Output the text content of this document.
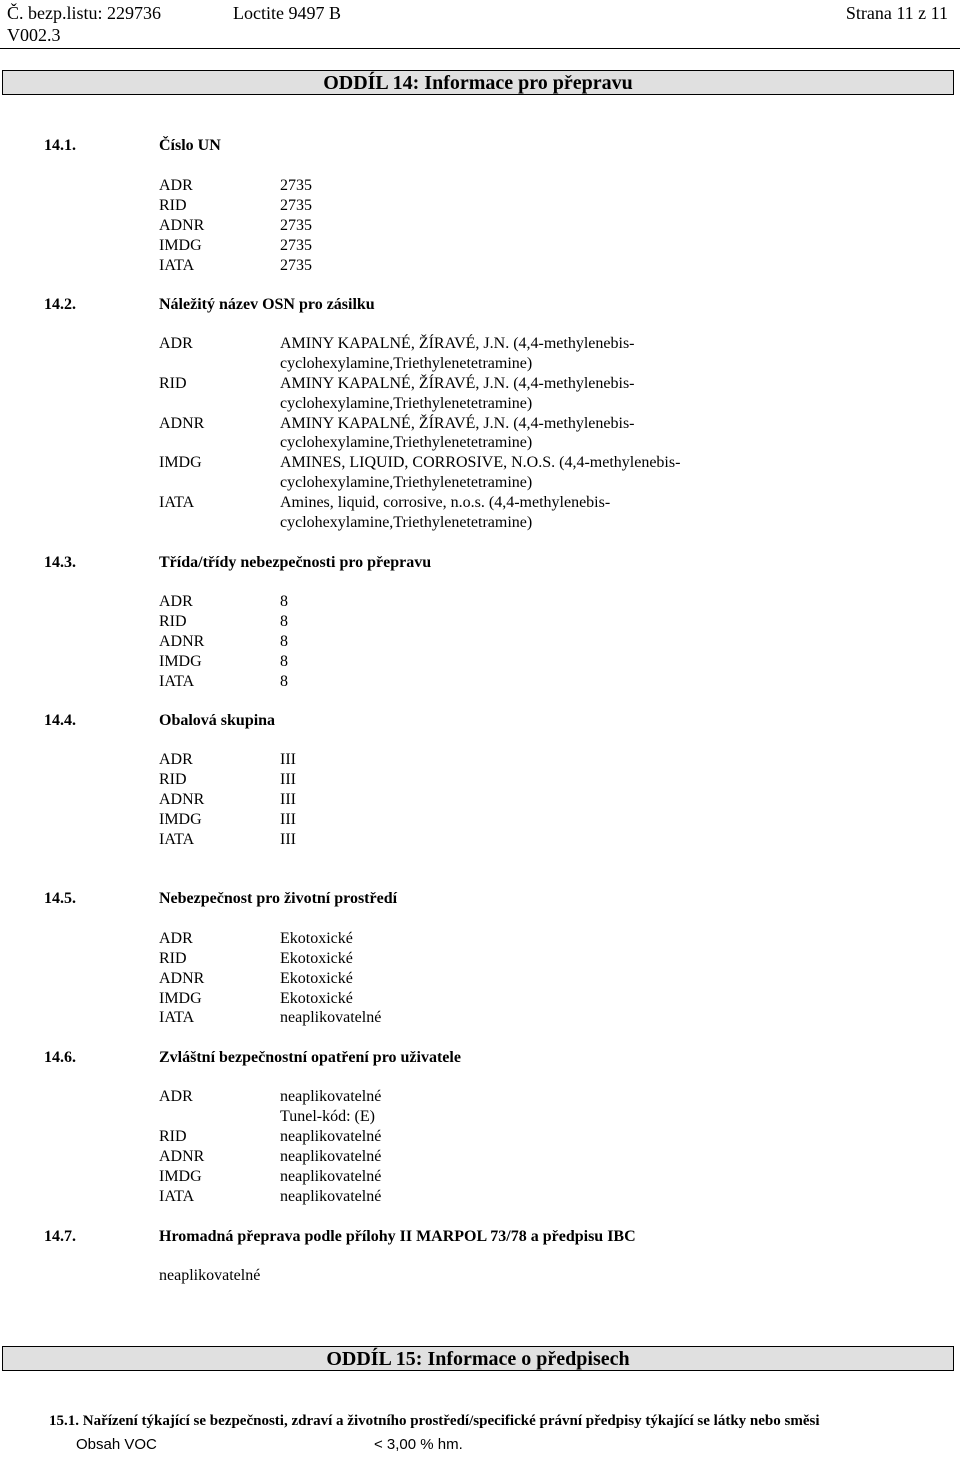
Č. bezp.listu: 229736	Loctite 9497 B	Strana 11 z 11
V002.3
ODDÍL 14: Informace pro přepravu
14.1.	Číslo UN
ADR	2735
RID	2735
ADNR	2735
IMDG	2735
IATA	2735
14.2.	Náležitý název OSN pro zásilku
ADR	AMINY KAPALNÉ, ŽÍRAVÉ, J.N. (4,4-methylenebis-
cyclohexylamine,Triethylenetetramine)
RID	AMINY KAPALNÉ, ŽÍRAVÉ, J.N. (4,4-methylenebis-
cyclohexylamine,Triethylenetetramine)
ADNR	AMINY KAPALNÉ, ŽÍRAVÉ, J.N. (4,4-methylenebis-
cyclohexylamine,Triethylenetetramine)
IMDG	AMINES, LIQUID, CORROSIVE, N.O.S. (4,4-methylenebis-
cyclohexylamine,Triethylenetetramine)
IATA	Amines, liquid, corrosive, n.o.s. (4,4-methylenebis-
cyclohexylamine,Triethylenetetramine)
14.3.	Třída/třídy nebezpečnosti pro přepravu
ADR	8
RID	8
ADNR	8
IMDG	8
IATA	8
14.4.	Obalová skupina
ADR	III
RID	III
ADNR	III
IMDG	III
IATA	III
14.5.	Nebezpečnost pro životní prostředí
ADR	Ekotoxické
RID	Ekotoxické
ADNR	Ekotoxické
IMDG	Ekotoxické
IATA	neaplikovatelné
14.6.	Zvláštní bezpečnostní opatření pro uživatele
ADR	neaplikovatelné
Tunel-kód: (E)
RID	neaplikovatelné
ADNR	neaplikovatelné
IMDG	neaplikovatelné
IATA	neaplikovatelné
14.7.	Hromadná přeprava podle přílohy II MARPOL 73/78 a předpisu IBC
neaplikovatelné
ODDÍL 15: Informace o předpisech
15.1. Nařízení týkající se bezpečnosti, zdraví a životního prostředí/specifické právní předpisy týkající se látky nebo směsi
Obsah VOC	< 3,00 % hm.
